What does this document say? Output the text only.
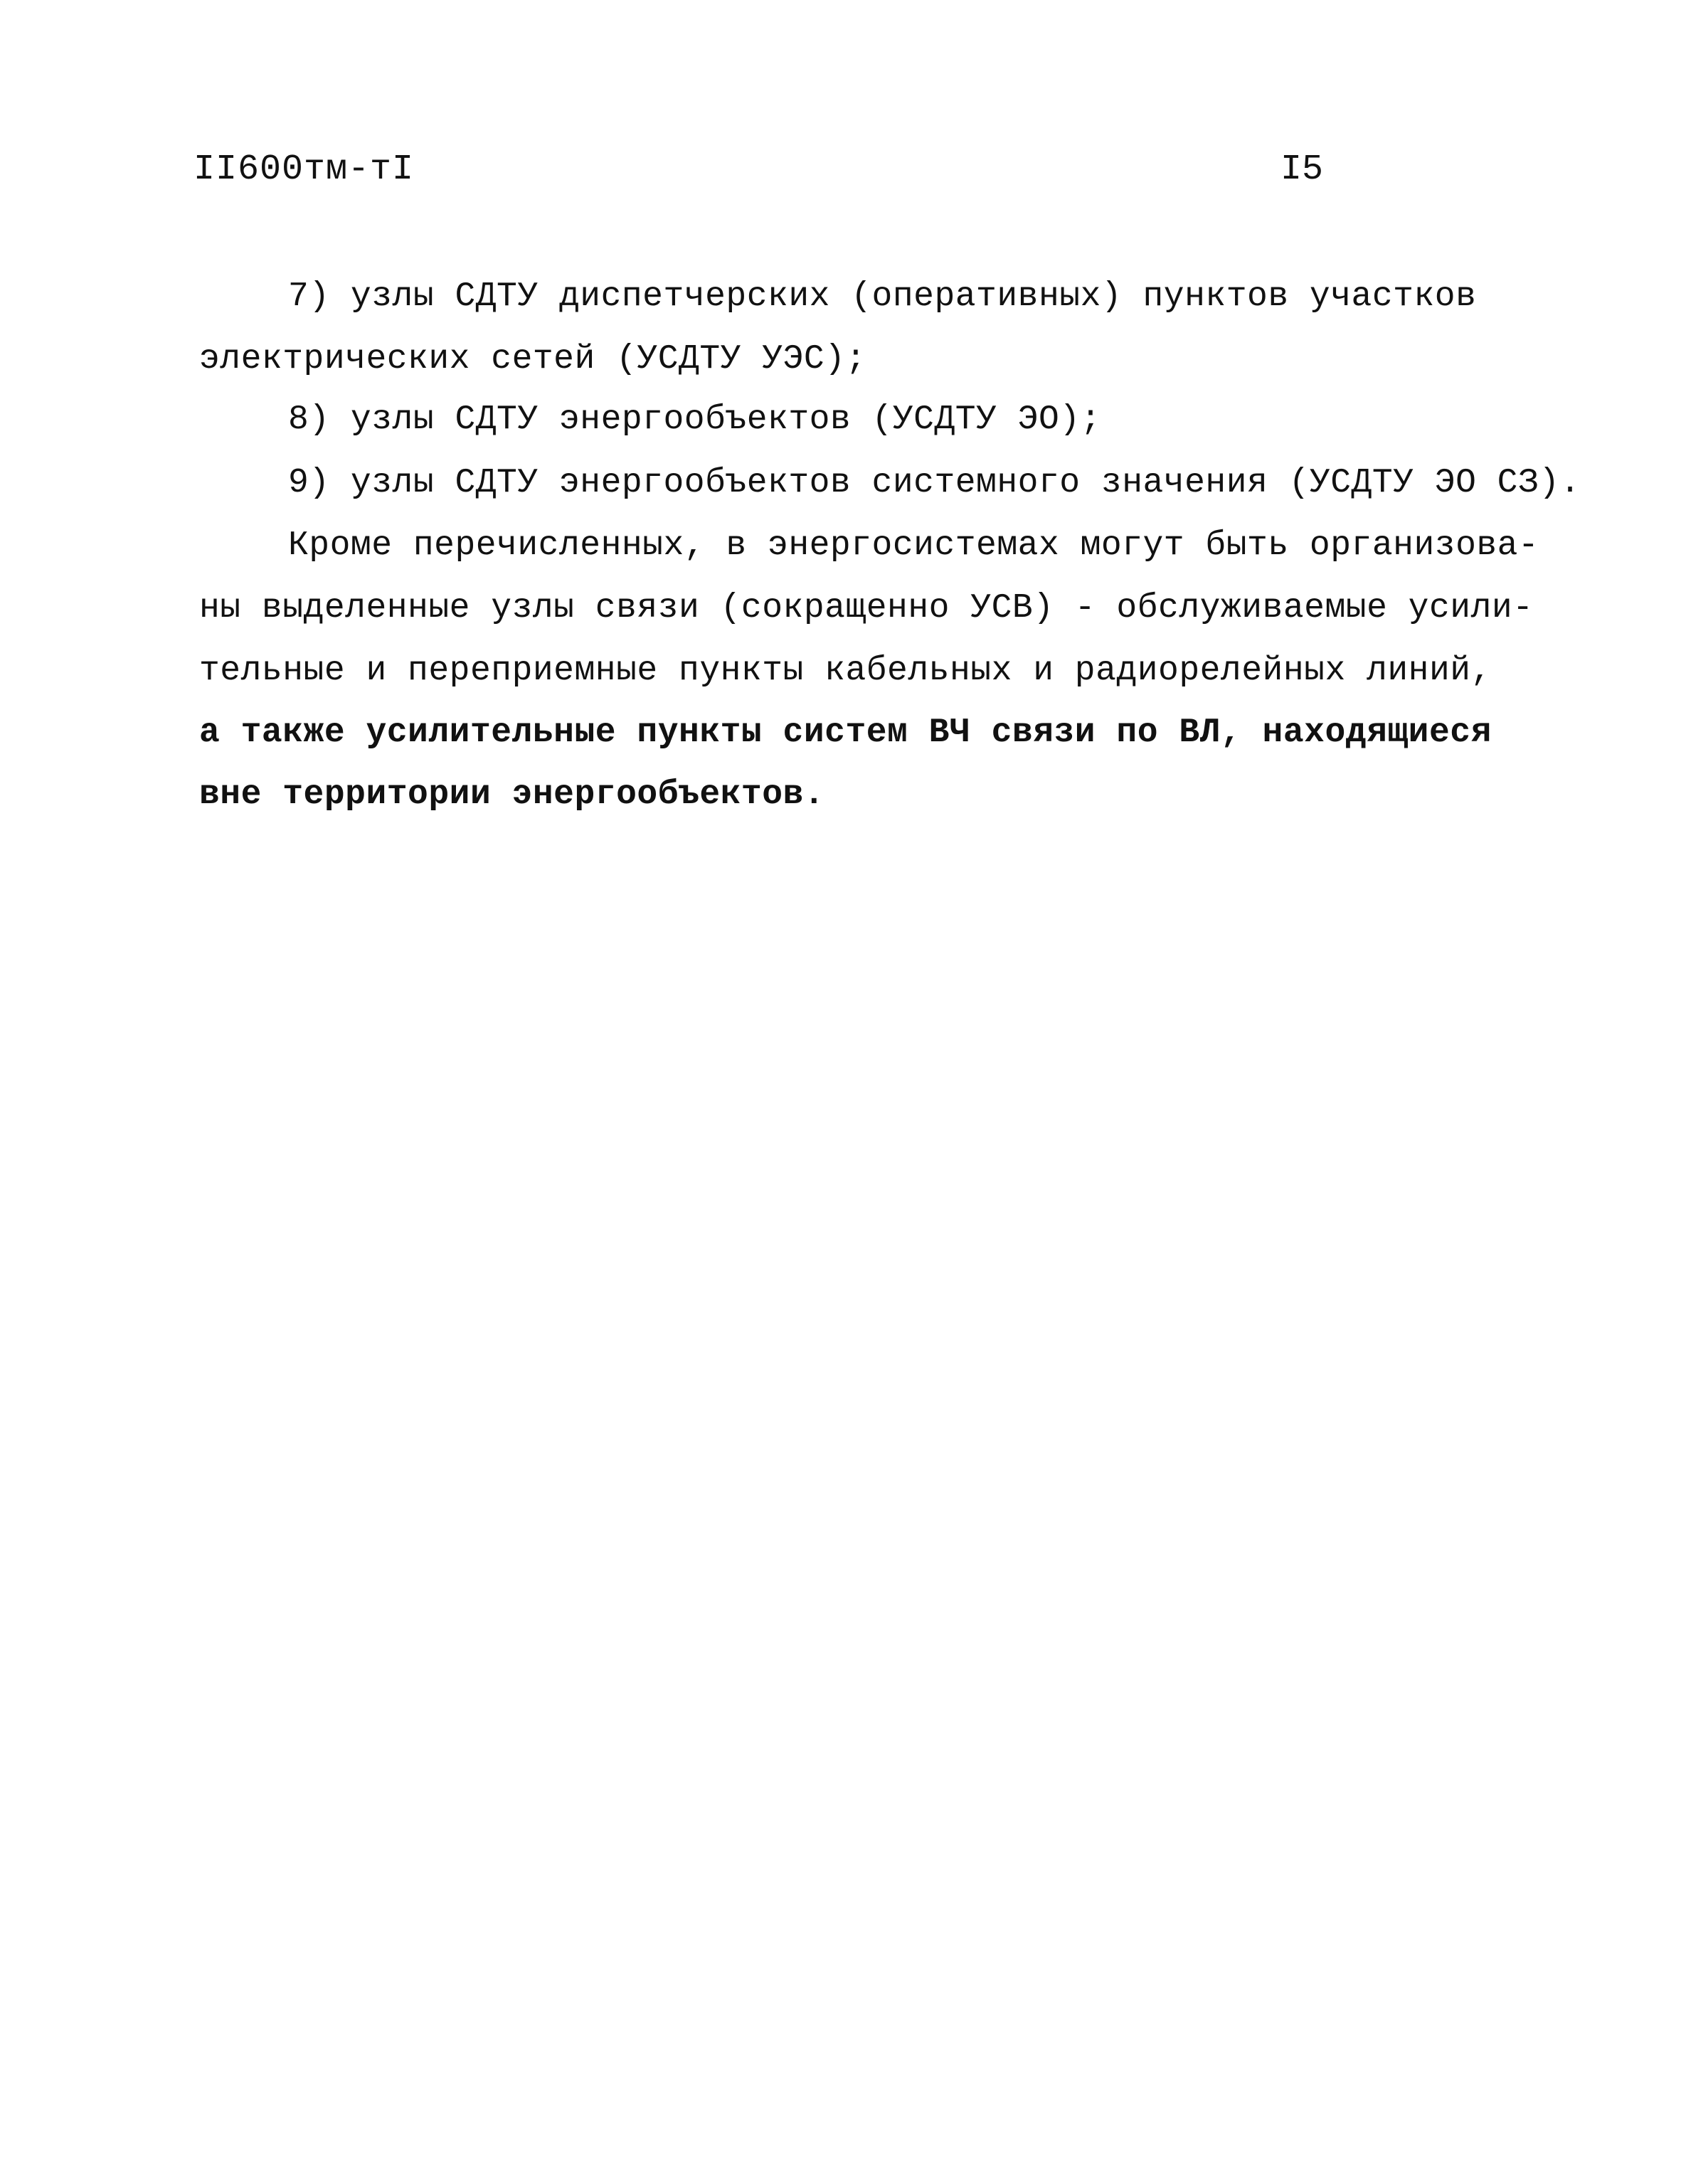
II600тм-тI	I5
7) узлы СДТУ диспетчерских (оперативных) пунктов участков
электрических сетей (УСДТУ УЭС);
8) узлы СДТУ энергообъектов (УСДТУ ЭО);
9) узлы СДТУ энергообъектов системного значения (УСДТУ ЭО СЗ).
Кроме перечисленных, в энергосистемах могут быть организова-
ны выделенные узлы связи (сокращенно УСВ) - обслуживаемые усили-
тельные и переприемные пункты кабельных и радиорелейных линий,
а также усилительные пункты систем ВЧ связи по ВЛ, находящиеся
вне территории энергообъектов.
